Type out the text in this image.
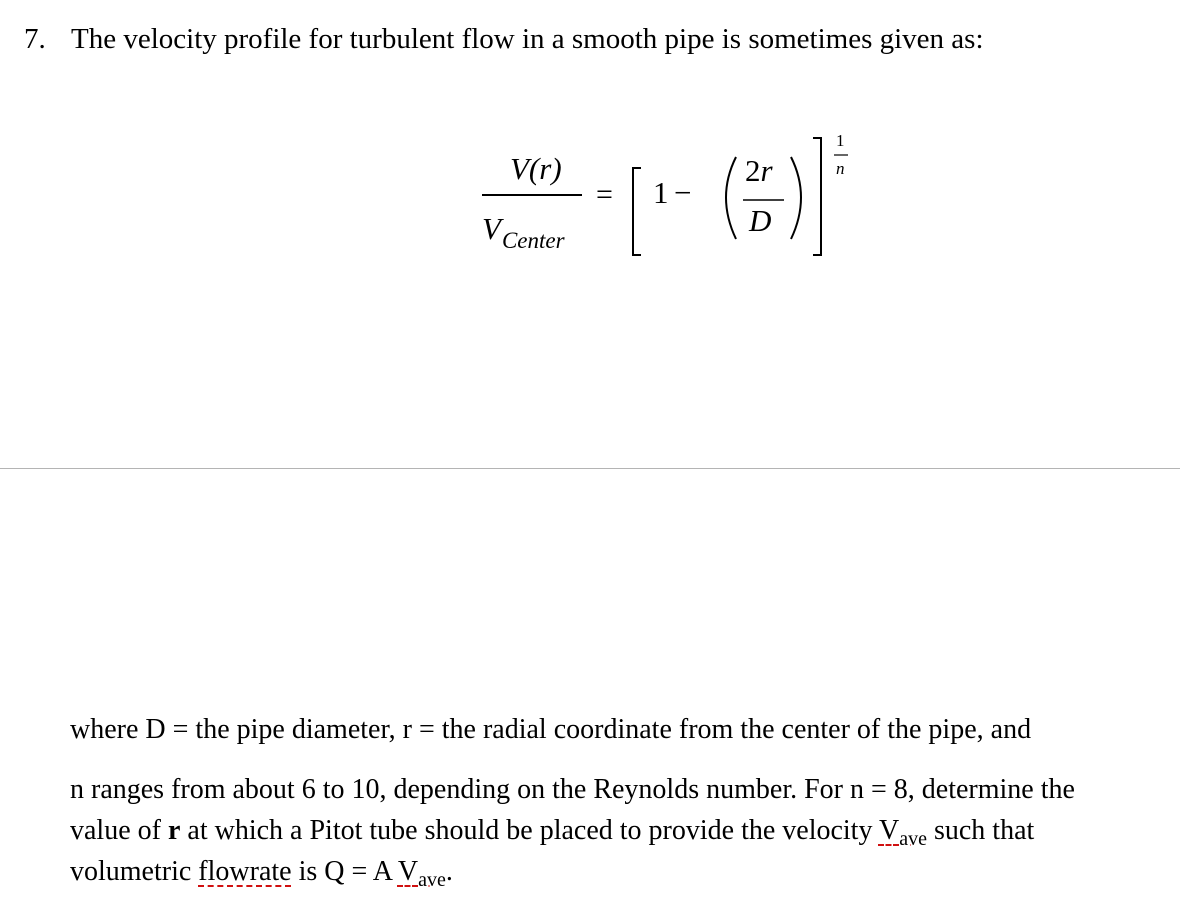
7. The velocity profile for turbulent flow in a smooth pipe is sometimes given as:
V(r)
$V_{Center}$
= 1 −
2r
D
1
n
where D = the pipe diameter, r = the radial coordinate from the center of the pipe, and
n ranges from about 6 to 10, depending on the Reynolds number. For n = 8, determine the
value of r at which a Pitot tube should be placed to provide the velocity $V_{ave}$ such that
volumetric flowrate is Q = A $V_{ave}$.
